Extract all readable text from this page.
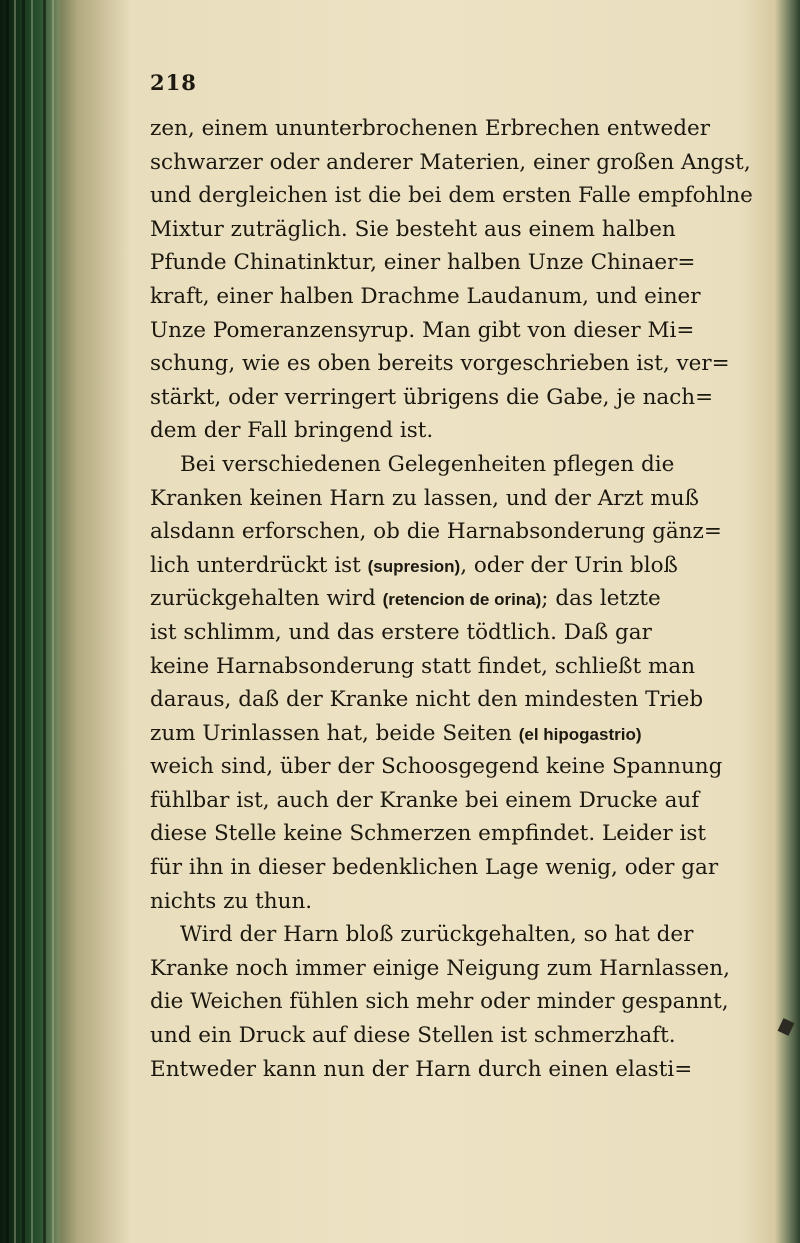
218
zen, einem ununterbrochenen Erbrechen entweder
schwarzer oder anderer Materien, einer großen Angst,
und dergleichen ist die bei dem ersten Falle empfohlne
Mixtur zuträglich. Sie besteht aus einem halben
Pfunde Chinatinktur, einer halben Unze Chinaer=
kraft, einer halben Drachme Laudanum, und einer
Unze Pomeranzensyrup. Man gibt von dieser Mi=
schung, wie es oben bereits vorgeschrieben ist, ver=
stärkt, oder verringert übrigens die Gabe, je nach=
dem der Fall bringend ist.
Bei verschiedenen Gelegenheiten pflegen die
Kranken keinen Harn zu lassen, und der Arzt muß
alsdann erforschen, ob die Harnabsonderung gänz=
lich unterdrückt ist (supresion), oder der Urin bloß
zurückgehalten wird (retencion de orina); das letzte
ist schlimm, und das erstere tödtlich. Daß gar
keine Harnabsonderung statt findet, schließt man
daraus, daß der Kranke nicht den mindesten Trieb
zum Urinlassen hat, beide Seiten (el hipogastrio)
weich sind, über der Schoosgegend keine Spannung
fühlbar ist, auch der Kranke bei einem Drucke auf
diese Stelle keine Schmerzen empfindet. Leider ist
für ihn in dieser bedenklichen Lage wenig, oder gar
nichts zu thun.
Wird der Harn bloß zurückgehalten, so hat der
Kranke noch immer einige Neigung zum Harnlassen,
die Weichen fühlen sich mehr oder minder gespannt,
und ein Druck auf diese Stellen ist schmerzhaft.
Entweder kann nun der Harn durch einen elasti=
